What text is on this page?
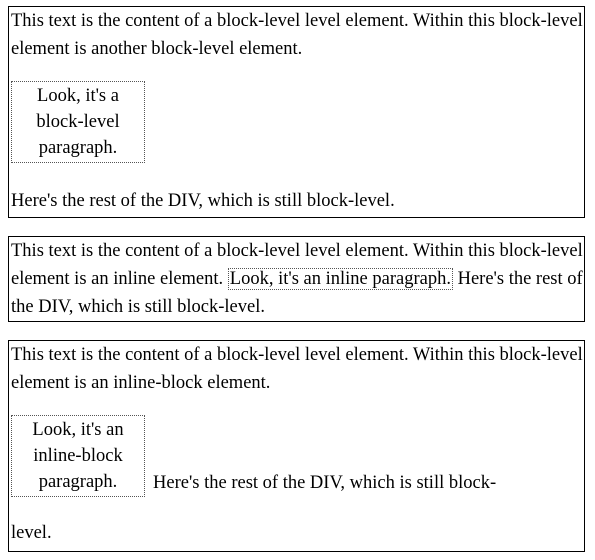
This text is the content of a block-level level element. Within this block-level element is another block-level element.

Look, it's a
block-level
paragraph.

Here's the rest of the DIV, which is still block-level.

This text is the content of a block-level level element. Within this block-level element is an inline element. Look, it's an inline paragraph. Here's the rest of the DIV, which is still block-level.

This text is the content of a block-level level element. Within this block-level element is an inline-block element.

Look, it's an
inline-block
paragraph. Here's the rest of the DIV, which is still block-
level.
